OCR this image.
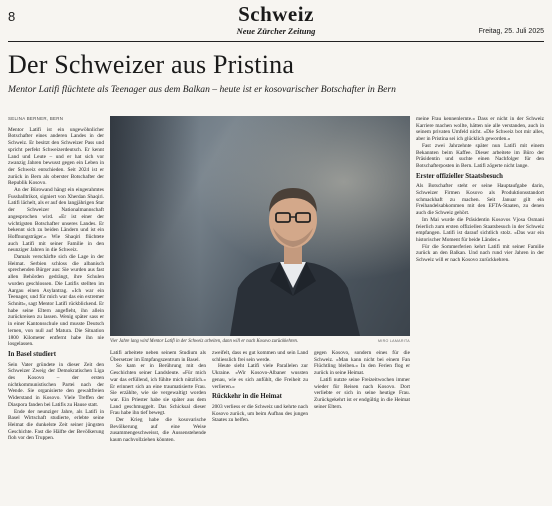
8	Schweiz
Neue Zürcher Zeitung	Freitag, 25. Juli 2025
Der Schweizer aus Pristina
Mentor Latifi flüchtete als Teenager aus dem Balkan – heute ist er kosovarischer Botschafter in Bern
SELINA BERNER, BERN

Mentor Latifi ist ein ungewöhnlicher Botschafter eines anderen Landes in der Schweiz. Er besitzt den Schweizer Pass und spricht perfekt Schweizerdeutsch. Er kennt Land und Leute – und er hat sich vor zwanzig Jahren bewusst gegen ein Leben in der Schweiz entschieden. Seit 2024 ist er zurück in Bern als oberster Botschafter der Republik Kosovo.

An der Bürowand hängt ein eingerahmtes Fussballtrikot, signiert von Xherdan Shaqiri. Latifi lächelt, als er auf den langjährigen Star der Schweizer Nationalmannschaft angesprochen wird. «Er ist einer der wichtigsten Botschafter unseres Landes. Er bekennt sich zu beiden Ländern und ist ein Hoffnungsträger.» Wie Shaqiri flüchtete auch Latifi mit seiner Familie in den neunziger Jahren in die Schweiz.

Damals verschärfte sich die Lage in der Heimat. Serbien schloss die albanisch sprechenden Bürger aus: Sie wurden aus fast allen Behörden gedrängt, ihre Schulen wurden geschlossen. Die Latifis stellten im Aargau einen Asylantrag. «Ich war ein Teenager, und für mich war das ein extremer Schnitt», sagt Mentor Latifi rückblickend. Er habe seine Eltern angefleht, ihn allein zurückreisen zu lassen. Wenig später sass er in einer Kantonsschule und musste Deutsch lernen, von null auf Matura. Die Situation 1800 Kilometer entfernt habe ihn nie losgelassen.

In Basel studiert

Sein Vater gründete in dieser Zeit den Schweizer Zweig der Demokratischen Liga des Kosovo – der ersten nichtkommunistischen Partei nach der Wende. Sie organisierte den gewaltfreien Widerstand in Kosovo. Viele Treffen der Diaspora fanden bei Latifis zu Hause statt.

Ende der neunziger Jahre, als Latifi in Basel Wirtschaft studierte, erlebte seine Heimat die dunkelste Zeit seiner jüngsten Geschichte. Fast die Hälfte der Bevölkerung floh vor den Truppen.

Vier Jahre lang wird Mentor Latifi in der Schweiz arbeiten, dann will er nach Kosovo zurückkehren.	MIRO LAMARITA

Latifi arbeitete neben seinem Studium als Übersetzer im Empfangszentrum in Basel.

So kam er in Berührung mit den Geschichten seiner Landsleute. «Für mich war das erfüllend, ich fühlte mich nützlich.» Er erinnert sich an eine traumatisierte Frau. Sie erzählte, wie sie vergewaltigt worden war. Ein Priester habe sie später aus dem Land geschmuggelt. Das Schicksal dieser Frau habe ihn tief bewegt.

Der Krieg habe die kosovarische Bevölkerung auf eine Weise zusammengeschweisst, die Aussenstehende kaum nachvollziehen könnten.

zweifelt, dass es gut kommen und sein Land schliesslich frei sein werde.

Heute sieht Latifi viele Parallelen zur Ukraine. «Wir Kosovo-Albaner wussten genau, wie es sich anfühlt, die Freiheit zu verlieren.»

Rückkehr in die Heimat

2003 verliess er die Schweiz und kehrte nach Kosovo zurück, um beim Aufbau des jungen Staates zu helfen.

gegen Kosovo, sondern eines für die Schweiz. «Man kann nicht bei einem Fan Flüchtling bleiben.» In den Ferien flog er zurück in seine Heimat.

Latifi nutzte seine Freizeitwochen immer wieder für Reisen nach Kosovo. Dort verliebte er sich in seine heutige Frau. Zurückgekehrt ist er endgültig in die Heimat seiner Eltern.

meine Frau kennenlernte.» Dass er nicht in der Schweiz Karriere machen wollte, hätten nie alle verstanden, auch in seinem privaten Umfeld nicht. «Die Schweiz bot mir alles, aber in Pristina sei ich glücklich geworden.»

Fast zwei Jahrzehnte später nun Latifi mit einem Bekannten beim Kaffee. Dieser arbeitete im Büro der Präsidentin und suchte einen Nachfolger für den Botschafterposten in Bern. Latifi zögerte nicht lange.

Erster offizieller Staatsbesuch

Als Botschafter steht er seine Hauptaufgabe darin, Schweizer Firmen Kosovo als Produktionsstandort schmackhaft zu machen. Seit Januar gilt ein Freihandelsabkommen mit den EFTA-Staaten, zu denen auch die Schweiz gehört.

Im Mai wurde die Präsidentin Kosovos Vjosa Osmani feierlich zum ersten offiziellen Staatsbesuch in der Schweiz empfangen. Latifi ist darauf sichtlich stolz. «Das war ein historischer Moment für beide Länder.»

Für die Sommerferien kehrt Latifi mit seiner Familie zurück an den Balkan. Und nach rund vier Jahren in der Schweiz will er nach Kosovo zurückkehren.
